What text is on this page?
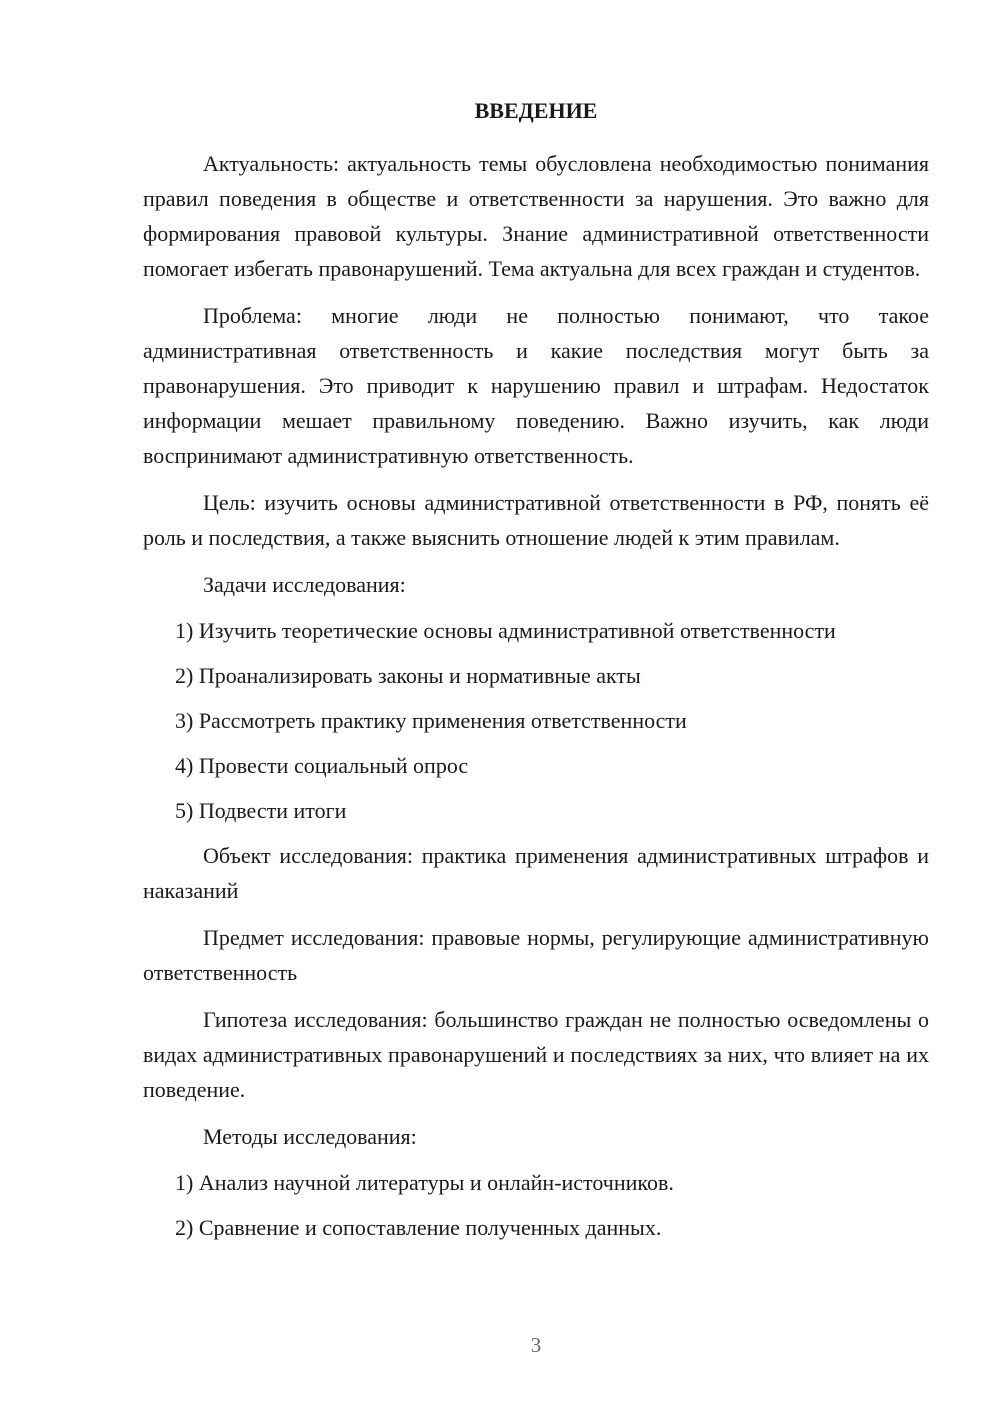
ВВЕДЕНИЕ

Актуальность: актуальность темы обусловлена необходимостью понимания правил поведения в обществе и ответственности за нарушения. Это важно для формирования правовой культуры. Знание административной ответственности помогает избегать правонарушений. Тема актуальна для всех граждан и студентов.

Проблема: многие люди не полностью понимают, что такое административная ответственность и какие последствия могут быть за правонарушения. Это приводит к нарушению правил и штрафам. Недостаток информации мешает правильному поведению. Важно изучить, как люди воспринимают административную ответственность.

Цель: изучить основы административной ответственности в РФ, понять её роль и последствия, а также выяснить отношение людей к этим правилам.

Задачи исследования:
1) Изучить теоретические основы административной ответственности
2) Проанализировать законы и нормативные акты
3) Рассмотреть практику применения ответственности
4) Провести социальный опрос
5) Подвести итоги

Объект исследования: практика применения административных штрафов и наказаний

Предмет исследования: правовые нормы, регулирующие административную ответственность

Гипотеза исследования: большинство граждан не полностью осведомлены о видах административных правонарушений и последствиях за них, что влияет на их поведение.

Методы исследования:
1) Анализ научной литературы и онлайн-источников.
2) Сравнение и сопоставление полученных данных.
3
